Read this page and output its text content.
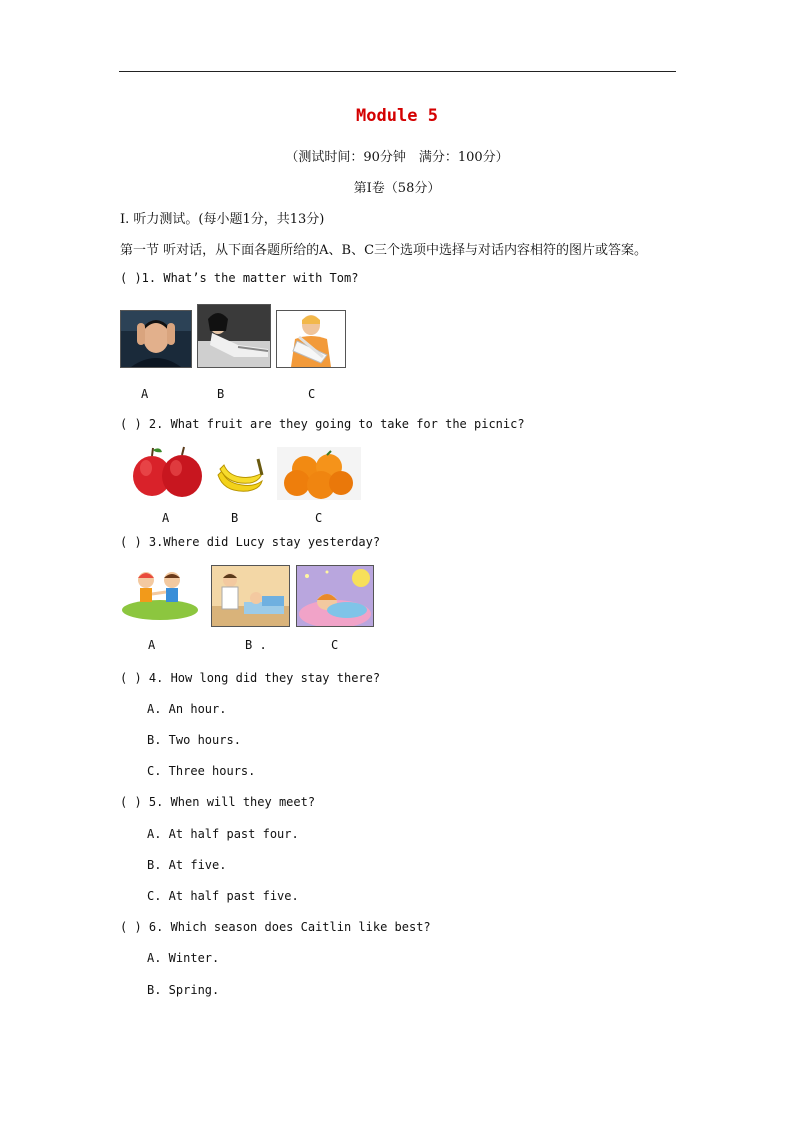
Module 5
（测试时间：90分钟　满分：100分）
第Ⅰ卷（58分）
Ⅰ. 听力测试。(每小题1分，共13分)
第一节 听对话，从下面各题所给的A、B、C三个选项中选择与对话内容相符的图片或答案。
( )1. What’s the matter with Tom?
A	B	C
( ) 2. What fruit are they going to take for the picnic?
A	B	C
( ) 3.Where did Lucy stay yesterday?
A	B .	C
( ) 4. How long did they stay there?
A. An hour.
B. Two hours.
C. Three hours.
( ) 5. When will they meet?
A. At half past four.
B. At five.
C. At half past five.
( ) 6. Which season does Caitlin like best?
A. Winter.
B. Spring.
